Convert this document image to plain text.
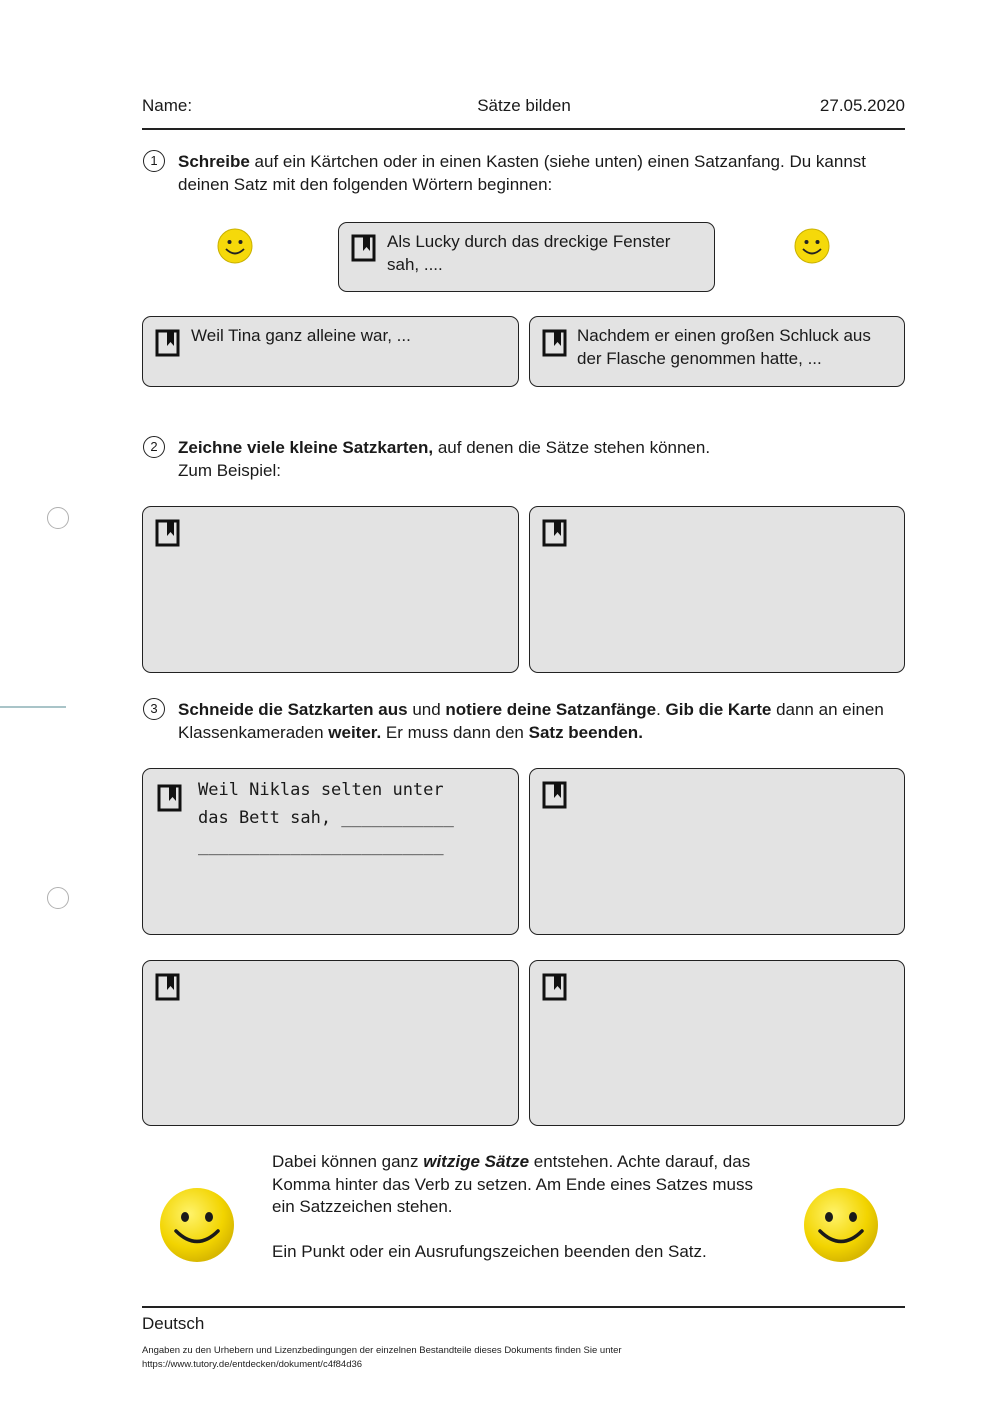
Name:	Sätze bilden	27.05.2020
1	Schreibe auf ein Kärtchen oder in einen Kasten (siehe unten) einen Satzanfang. Du kannst deinen Satz mit den folgenden Wörtern beginnen:
Als Lucky durch das dreckige Fenster sah, ....
Weil Tina ganz alleine war, ...	Nachdem er einen großen Schluck aus der Flasche genommen hatte, ...
2	Zeichne viele kleine Satzkarten, auf denen die Sätze stehen können.
Zum Beispiel:
3	Schneide die Satzkarten aus und notiere deine Satzanfänge. Gib die Karte dann an einen Klassenkameraden weiter. Er muss dann den Satz beenden.
Weil Niklas selten unter
das Bett sah, ___________
________________________
Dabei können ganz witzige Sätze entstehen. Achte darauf, das Komma hinter das Verb zu setzen. Am Ende eines Satzes muss ein Satzzeichen stehen.
Ein Punkt oder ein Ausrufungszeichen beenden den Satz.
Deutsch
Angaben zu den Urhebern und Lizenzbedingungen der einzelnen Bestandteile dieses Dokuments finden Sie unter
https://www.tutory.de/entdecken/dokument/c4f84d36
